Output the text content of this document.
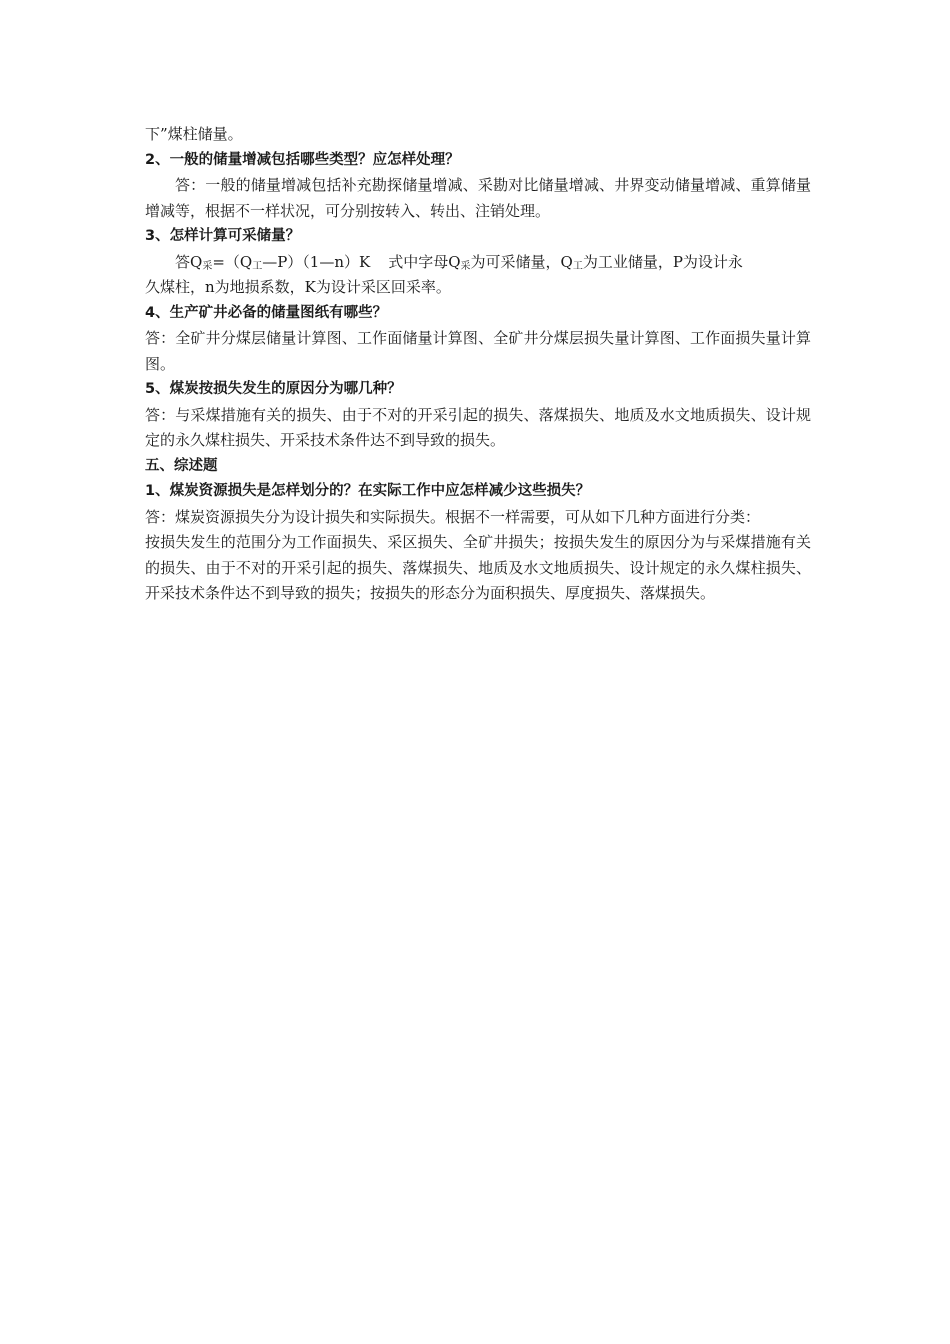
下”煤柱储量。
2、一般的储量增减包括哪些类型？应怎样处理？
答：一般的储量增减包括补充勘探储量增减、采勘对比储量增减、井界变动储量增减、重算储量增减等，根据不一样状况，可分别按转入、转出、注销处理。
3、怎样计算可采储量？
答$Q_采=(Q_工—P)(1—n)K$ 式中字母$Q_采$为可采储量，$Q_工$为工业储量，P为设计永
久煤柱，n为地损系数，K为设计采区回采率。
4、生产矿井必备的储量图纸有哪些？
答：全矿井分煤层储量计算图、工作面储量计算图、全矿井分煤层损失量计算图、工作面损失量计算图。
5、煤炭按损失发生的原因分为哪几种？
答：与采煤措施有关的损失、由于不对的开采引起的损失、落煤损失、地质及水文地质损失、设计规定的永久煤柱损失、开采技术条件达不到导致的损失。
五、综述题
1、煤炭资源损失是怎样划分的？在实际工作中应怎样减少这些损失？
答：煤炭资源损失分为设计损失和实际损失。根据不一样需要，可从如下几种方面进行分类：
按损失发生的范围分为工作面损失、采区损失、全矿井损失；按损失发生的原因分为与采煤措施有关的损失、由于不对的开采引起的损失、落煤损失、地质及水文地质损失、设计规定的永久煤柱损失、开采技术条件达不到导致的损失；按损失的形态分为面积损失、厚度损失、落煤损失。
